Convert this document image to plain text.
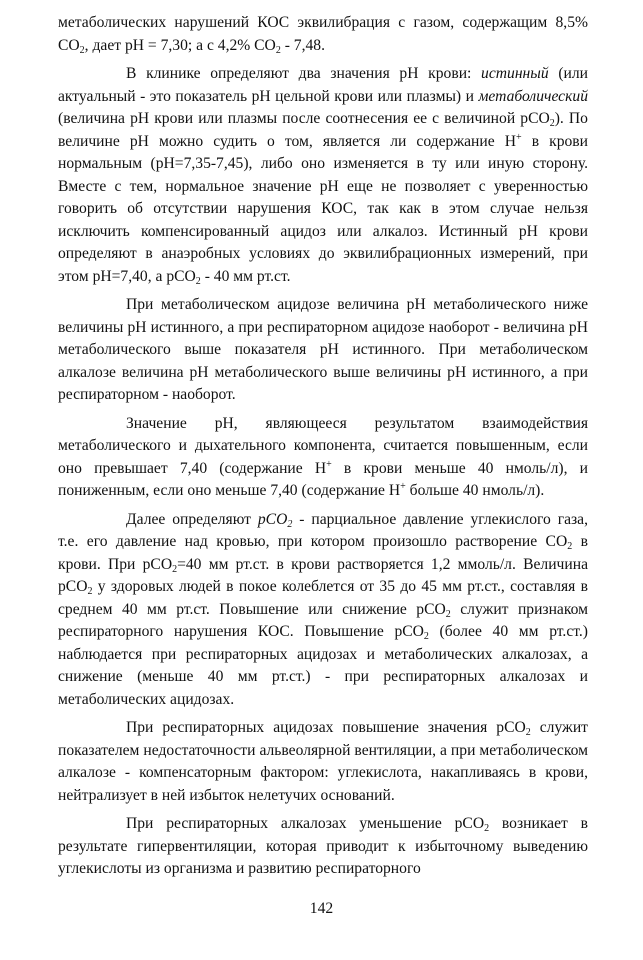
метаболических нарушений КОС эквилибрация с газом, содержащим 8,5% $CO_2$, дает pH = 7,30; а с 4,2% $CO_2 - 7,48$.

В клинике определяют два значения pH крови: истинный (или актуальный - это показатель pH цельной крови или плазмы) и метаболический (величина pH крови или плазмы после соотнесения ее с величиной pCO$_2$). По величине pH можно судить о том, является ли содержание H+ в крови нормальным (pH=7,35-7,45), либо оно изменяется в ту или иную сторону. Вместе с тем, нормальное значение pH еще не позволяет с уверенностью говорить об отсутствии нарушения КОС, так как в этом случае нельзя исключить компенсированный ацидоз или алкалоз. Истинный pH крови определяют в анаэробных условиях до эквилибрационных измерений, при этом pH=7,40, а pCO$_2$ - 40 мм рт.ст.

При метаболическом ацидозе величина pH метаболического ниже величины pH истинного, а при респираторном ацидозе наоборот - величина pH метаболического выше показателя pH истинного. При метаболическом алкалозе величина pH метаболического выше величины pH истинного, а при респираторном - наоборот.

Значение pH, являющееся результатом взаимодействия метаболического и дыхательного компонента, считается повышенным, если оно превышает 7,40 (содержание H+ в крови меньше 40 нмоль/л), и пониженным, если оно меньше 7,40 (содержание H+ больше 40 нмоль/л).

Далее определяют pCO$_2$ - парциальное давление углекислого газа, т.е. его давление над кровью, при котором произошло растворение $CO_2$ в крови. При pCO$_2$=40 мм рт.ст. в крови растворяется 1,2 ммоль/л. Величина pCO$_2$ у здоровых людей в покое колеблется от 35 до 45 мм рт.ст., составляя в среднем 40 мм рт.ст. Повышение или снижение pCO$_2$ служит признаком респираторного нарушения КОС. Повышение pCO$_2$ (более 40 мм рт.ст.) наблюдается при респираторных ацидозах и метаболических алкалозах, а снижение (меньше 40 мм рт.ст.) - при респираторных алкалозах и метаболических ацидозах.

При респираторных ацидозах повышение значения pCO$_2$ служит показателем недостаточности альвеолярной вентиляции, а при метаболическом алкалозе - компенсаторным фактором: углекислота, накапливаясь в крови, нейтрализует в ней избыток нелетучих оснований.

При респираторных алкалозах уменьшение pCO$_2$ возникает в результате гипервентиляции, которая приводит к избыточному выведению углекислоты из организма и развитию респираторного

142
